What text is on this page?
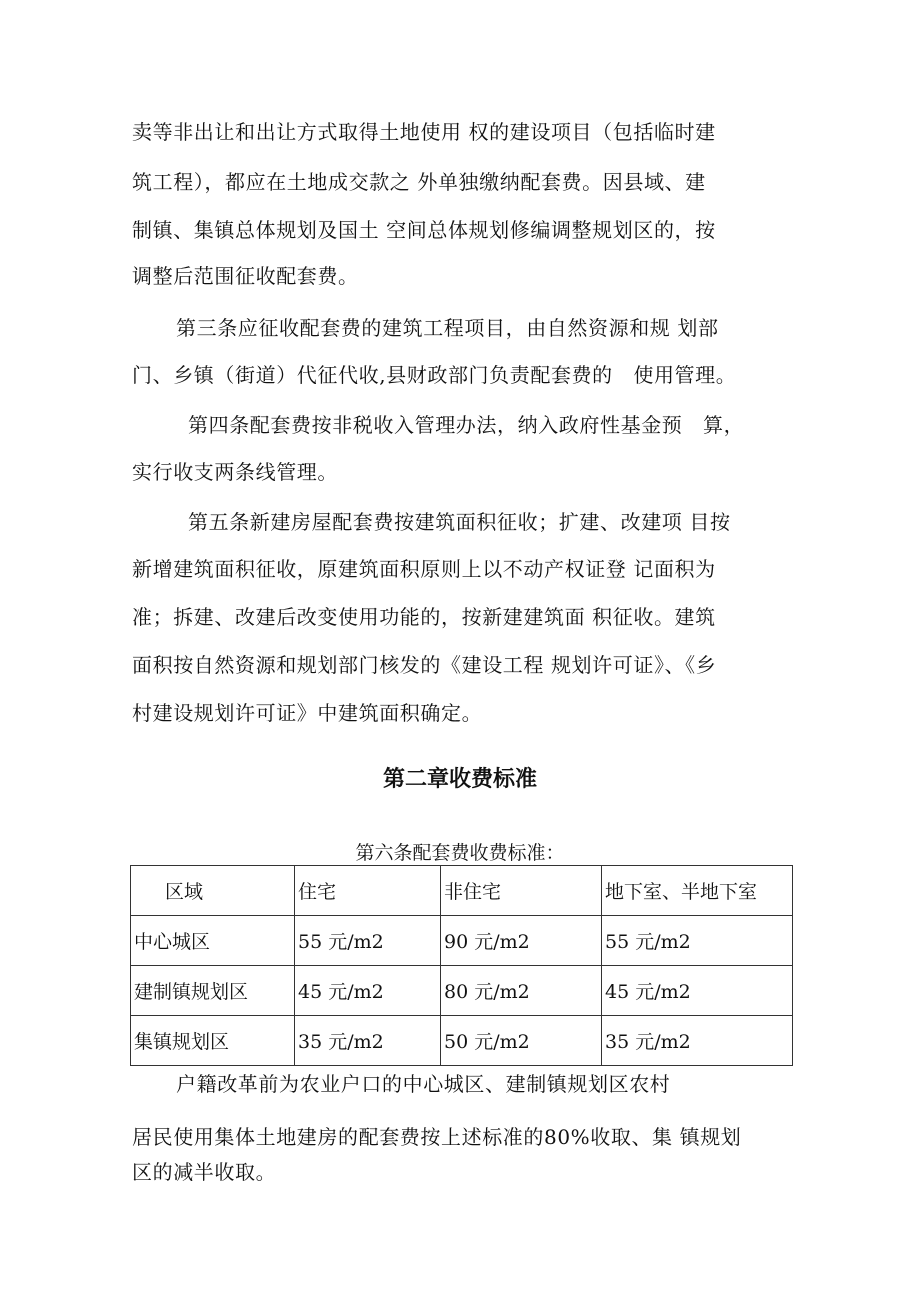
卖等非出让和出让方式取得土地使用 权的建设项目（包括临时建
筑工程），都应在土地成交款之 外单独缴纳配套费。因县域、建
制镇、集镇总体规划及国土 空间总体规划修编调整规划区的，按
调整后范围征收配套费。
第三条应征收配套费的建筑工程项目，由自然资源和规 划部
门、乡镇（街道）代征代收,县财政部门负责配套费的　使用管理。
第四条配套费按非税收入管理办法，纳入政府性基金预　算，
实行收支两条线管理。
第五条新建房屋配套费按建筑面积征收；扩建、改建项 目按
新增建筑面积征收，原建筑面积原则上以不动产权证登 记面积为
准；拆建、改建后改变使用功能的，按新建建筑面 积征收。建筑
面积按自然资源和规划部门核发的《建设工程 规划许可证》、《乡
村建设规划许可证》中建筑面积确定。
第二章收费标准
第六条配套费收费标准：
区域	住宅	非住宅	地下室、半地下室
中心城区	55 元/m2	90 元/m2	55 元/m2
建制镇规划区	45 元/m2	80 元/m2	45 元/m2
集镇规划区	35 元/m2	50 元/m2	35 元/m2
户籍改革前为农业户口的中心城区、建制镇规划区农村
居民使用集体土地建房的配套费按上述标准的80%收取、集 镇规划
区的减半收取。
